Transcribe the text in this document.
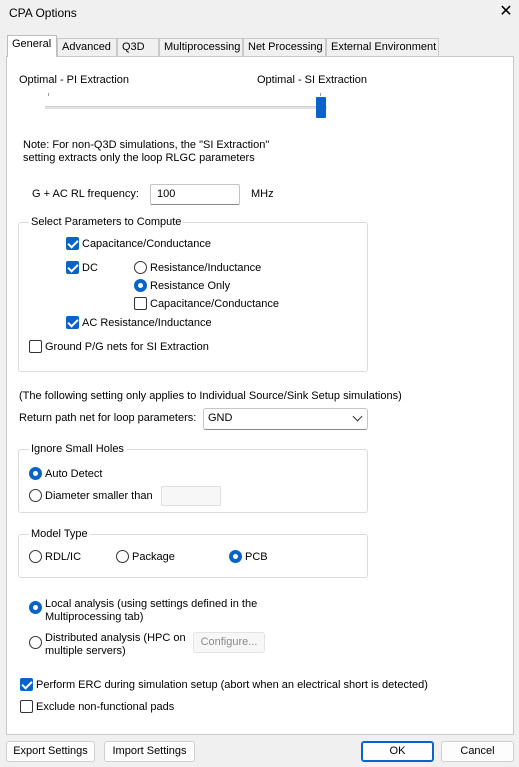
CPA Options	✕
General Advanced	Q3D	Multiprocessing Net Processing External Environment
Optimal - PI Extraction	Optimal - SI Extraction
Note: For non-Q3D simulations, the "SI Extraction"
setting extracts only the loop RLGC parameters
G + AC RL frequency:	100	MHz
Select Parameters to Compute
Capacitance/Conductance
DC	Resistance/Inductance
Resistance Only
Capacitance/Conductance
AC Resistance/Inductance
Ground P/G nets for SI Extraction
(The following setting only applies to Individual Source/Sink Setup simulations)
Return path net for loop parameters:	GND
Ignore Small Holes
Auto Detect
Diameter smaller than
Model Type
RDL/IC	Package	PCB
Local analysis (using settings defined in the
Multiprocessing tab)
Distributed analysis (HPC on
multiple servers)
Configure...
Perform ERC during simulation setup (abort when an electrical short is detected)
Exclude non-functional pads
Export Settings	Import Settings	OK	Cancel
